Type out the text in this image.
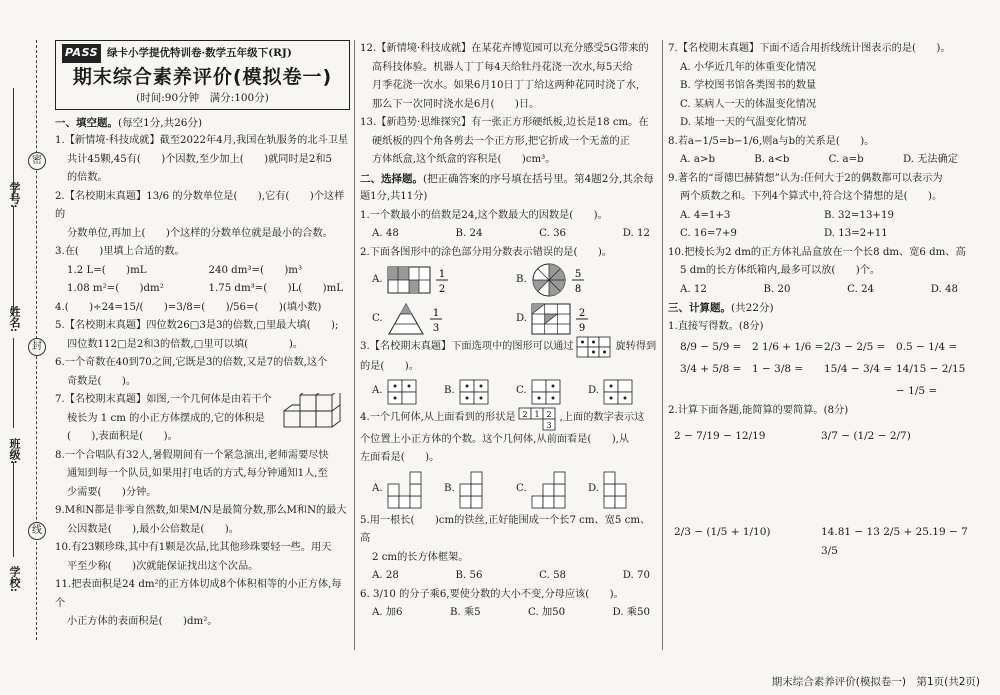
密
封
线
学号:
姓名:
班级:
学校:
PASS 绿卡小学提优特训卷·数学五年级下(RJ)
期末综合素养评价(模拟卷一)
(时间:90分钟　满分:100分)
一、填空题。(每空1分,共26分)

1.【新情境·科技成就】截至2022年4月,我国在轨服务的北斗卫星

共计45颗,45有(　　)个因数,至少加上(　　)就同时是2和5

的倍数。

2.【名校期末真题】13/6 的分数单位是(　　),它有(　　)个这样的

分数单位,再加上(　　)个这样的分数单位就是最小的合数。

3.在(　　)里填上合适的数。

1.2 L=(　　)mL	240 dm³=(　　)m³
1.08 m²=(　　)dm²	1.75 dm³=(　　)L(　　)mL

4.(　　)÷24=15/(　　)=3/8=(　　)/56=(　　)(填小数)

5.【名校期末真题】四位数26□3是3的倍数,□里最大填(　　);

四位数112□是2和3的倍数,□里可以填(　　　　)。

6.一个奇数在40到70之间,它既是3的倍数,又是7的倍数,这个

奇数是(　　)。

7.【名校期末真题】如图,一个几何体是由若干个

棱长为 1 cm 的小正方体摆成的,它的体积是

(　　),表面积是(　　)。

8.一个合唱队有32人,暑假期间有一个紧急演出,老师需要尽快

通知到每一个队员,如果用打电话的方式,每分钟通知1人,至

少需要(　　)分钟。

9.M和N都是非零自然数,如果M/N是最简分数,那么M和N的最大

公因数是(　　),最小公倍数是(　　)。

10.有23颗珍珠,其中有1颗是次品,比其他珍珠要轻一些。用天

平至少称(　　)次就能保证找出这个次品。

11.把表面积是24 dm²的正方体切成8个体积相等的小正方体,每个

小正方体的表面积是(　　)dm²。

12.【新情境·科技成就】在某花卉博览园可以充分感受5G带来的

高科技体验。机器人丁丁每4天给牡丹花浇一次水,每5天给

月季花浇一次水。如果6月10日丁丁给这两种花同时浇了水,

那么下一次同时浇水是6月(　　)日。

13.【新趋势·思维探究】有一张正方形硬纸板,边长是18 cm。在

硬纸板的四个角各剪去一个正方形,把它折成一个无盖的正

方体纸盒,这个纸盒的容积是(　　)cm³。

二、选择题。(把正确答案的序号填在括号里。第4题2分,其余每

题1分,共11分)

1.一个数最小的倍数是24,这个数最大的因数是(　　)。

A. 48	B. 24	C. 36	D. 12

2.下面各图形中的涂色部分用分数表示错误的是(　　)。

A.	1
2
B.	5
8
C.	1
3
D.	2
9
3.【名校期末真题】下面选项中的图形可以通过	旋转得到

的是(　　)。

A.	B.	C.	D.
4.一个几何体,从上面看到的形状是 2 1 2
3
,上面的数字表示这

个位置上小正方体的个数。这个几何体,从前面看是(　　),从

左面看是(　　)。

A.	B.	C.	D.

5.用一根长(　　)cm的铁丝,正好能围成一个长7 cm、宽5 cm、高

2 cm的长方体框架。

A. 28	B. 56	C. 58	D. 70

6. 3/10 的分子乘6,要使分数的大小不变,分母应该(　　)。

A. 加6	B. 乘5	C. 加50	D. 乘50

7.【名校期末真题】下面不适合用折线统计图表示的是(　　)。

A. 小华近几年的体重变化情况

B. 学校图书馆各类图书的数量

C. 某病人一天的体温变化情况

D. 某地一天的气温变化情况

8.若a−1/5=b−1/6,则a与b的关系是(　　)。

A. a>b	B. a<b	C. a=b	D. 无法确定

9.著名的“哥德巴赫猜想”认为:任何大于2的偶数都可以表示为

两个质数之和。下列4个算式中,符合这个猜想的是(　　)。

A. 4=1+3	B. 32=13+19
C. 16=7+9	D. 13=2+11

10.把棱长为2 dm的正方体礼品盒放在一个长8 dm、宽6 dm、高

5 dm的长方体纸箱内,最多可以放(　　)个。

A. 12	B. 20	C. 24	D. 48
三、计算题。(共22分)

1.直接写得数。(8分)

8/9 − 5/9 =	2 1/6 + 1/6 = 2/3 − 2/5 =	0.5 − 1/4 =
3/4 + 5/8 =	1 − 3/8 =	15/4 − 3/4 = 14/15 − 2/15 − 1/5 =

2.计算下面各题,能简算的要简算。(8分)

2 − 7/19 − 12/19	3/7 − (1/2 − 2/7)
2/3 − (1/5 + 1/10)	14.81 − 13 2/5 + 25.19 − 7 3/5
期末综合素养评价(模拟卷一)　第1页(共2页)
